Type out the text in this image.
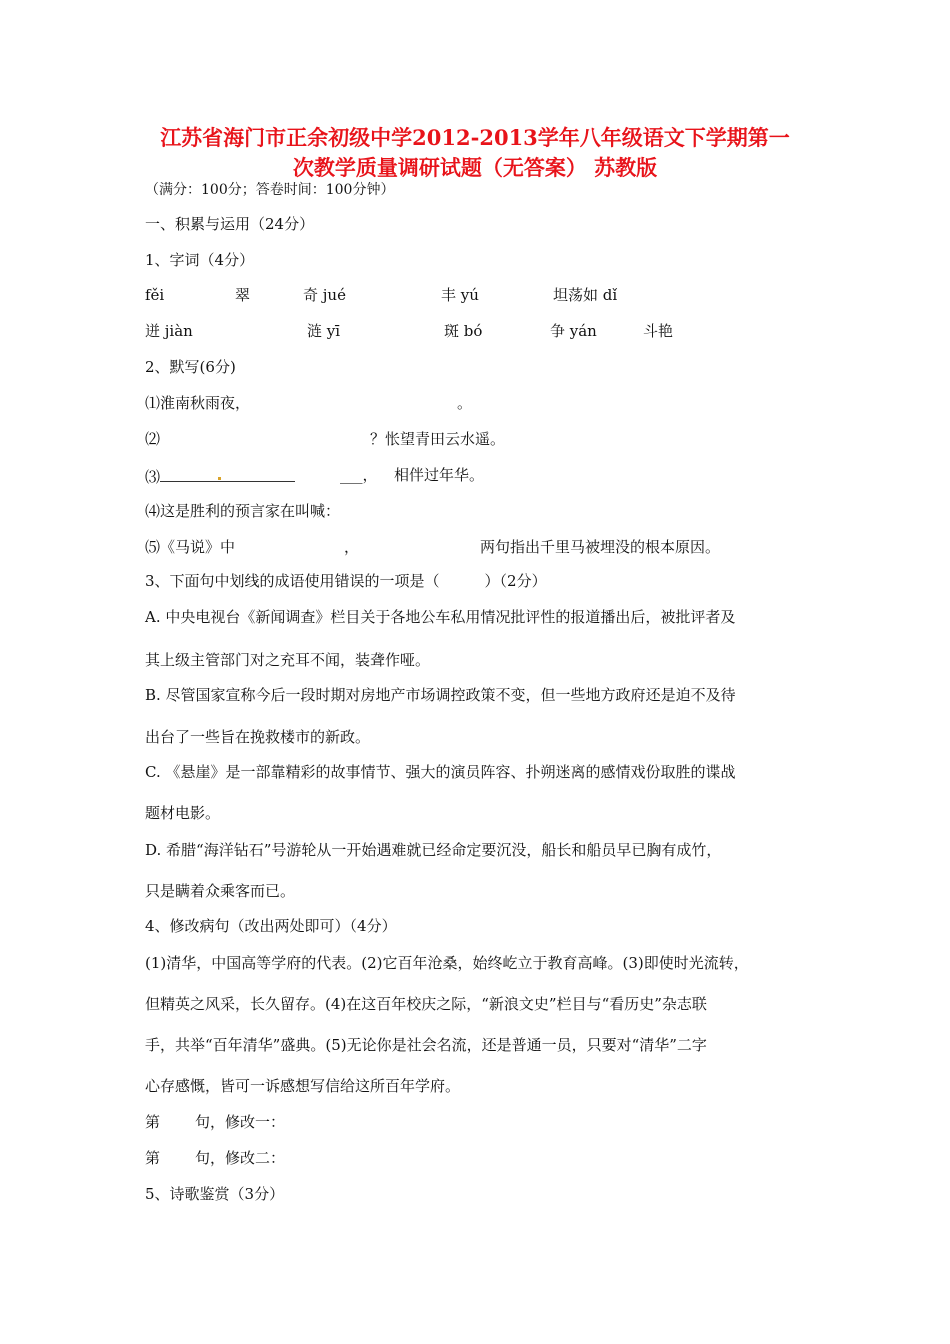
江苏省海门市正余初级中学2012-2013学年八年级语文下学期第一
次教学质量调研试题（无答案） 苏教版
（满分：100分；答卷时间：100分钟）
一、积累与运用（24分）
1、字词（4分）
fěi	翠	奇 jué	丰 yú	坦荡如 dǐ
迸 jiàn	涟 yī	斑 bó	争 yán	斗艳
2、默写(6分)
⑴淮南秋雨夜，	。
⑵	？怅望青田云水遥。
⑶	___， 相伴过年华。
⑷这是胜利的预言家在叫喊：
⑸《马说》中	，	两句指出千里马被埋没的根本原因。
3、下面句中划线的成语使用错误的一项是（　　　）（2分）
A. 中央电视台《新闻调查》栏目关于各地公车私用情况批评性的报道播出后，被批评者及
其上级主管部门对之充耳不闻，装聋作哑。
B. 尽管国家宣称今后一段时期对房地产市场调控政策不变，但一些地方政府还是迫不及待
出台了一些旨在挽救楼市的新政。
C. 《悬崖》是一部靠精彩的故事情节、强大的演员阵容、扑朔迷离的感情戏份取胜的谍战
题材电影。
D. 希腊“海洋钻石”号游轮从一开始遇难就已经命定要沉没，船长和船员早已胸有成竹，
只是瞒着众乘客而已。
4、修改病句（改出两处即可）（4分）
(1)清华，中国高等学府的代表。(2)它百年沧桑，始终屹立于教育高峰。(3)即使时光流转，
但精英之风采，长久留存。(4)在这百年校庆之际，“新浪文史”栏目与“看历史”杂志联
手，共举“百年清华”盛典。(5)无论你是社会名流，还是普通一员，只要对“清华”二字
心存感慨，皆可一诉感想写信给这所百年学府。
第 句，修改一：
第 句，修改二：
5、诗歌鉴赏（3分）
